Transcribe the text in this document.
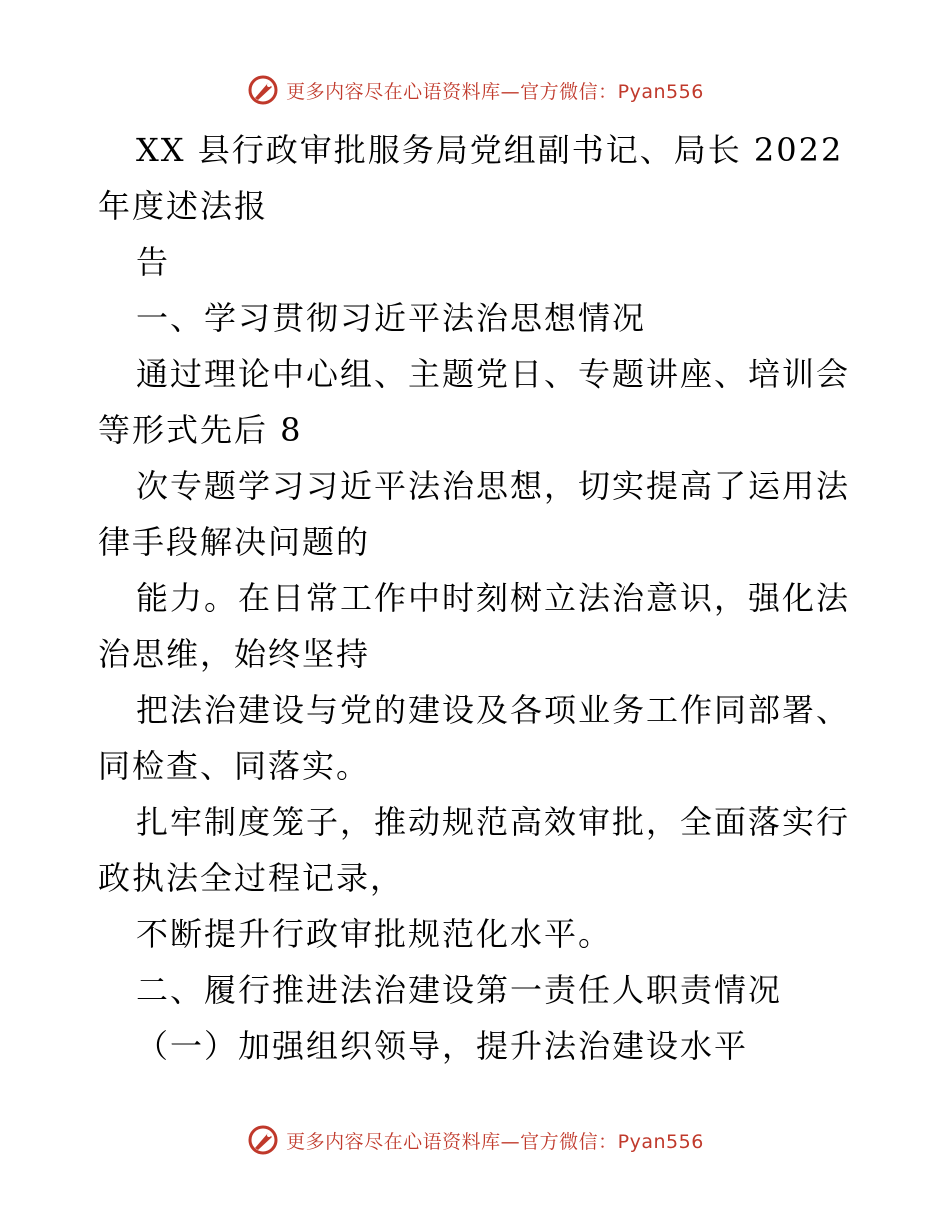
更多内容尽在心语资料库—官方微信：Pyan556
XX 县行政审批服务局党组副书记、局长 2022
年度述法报
告
一、学习贯彻习近平法治思想情况
通过理论中心组、主题党日、专题讲座、培训会
等形式先后 8
次专题学习习近平法治思想，切实提高了运用法
律手段解决问题的
能力。在日常工作中时刻树立法治意识，强化法
治思维，始终坚持
把法治建设与党的建设及各项业务工作同部署、
同检查、同落实。
扎牢制度笼子，推动规范高效审批，全面落实行
政执法全过程记录，
不断提升行政审批规范化水平。
二、履行推进法治建设第一责任人职责情况
（一）加强组织领导，提升法治建设水平
更多内容尽在心语资料库—官方微信：Pyan556
